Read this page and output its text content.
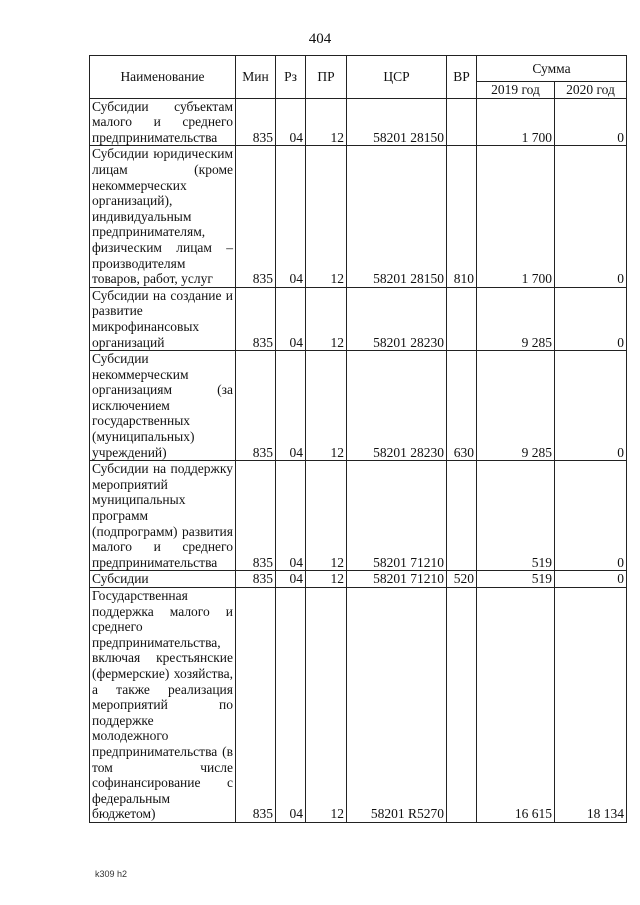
404
Наименование	Мин	Рз	ПР	ЦСР	ВР	Сумма	
						2019 год	2020 год
Субсидии субъектам малого и среднего предпринимательства	835	04	12	58201 28150		1 700	0
Субсидии юридическим лицам (кроме некоммерческих организаций), индивидуальным предпринимателям, физическим лицам – производителям товаров, работ, услуг	835	04	12	58201 28150	810	1 700	0
Субсидии на создание и развитие микрофинансовых организаций	835	04	12	58201 28230		9 285	0
Субсидии некоммерческим организациям (за исключением государственных (муниципальных) учреждений)	835	04	12	58201 28230	630	9 285	0
Субсидии на поддержку мероприятий муниципальных программ (подпрограмм) развития малого и среднего предпринимательства	835	04	12	58201 71210		519	0
Субсидии	835	04	12	58201 71210	520	519	0
Государственная поддержка малого и среднего предпринимательства, включая крестьянские (фермерские) хозяйства, а также реализация мероприятий по поддержке молодежного предпринимательства (в том числе софинансирование с федеральным бюджетом)	835	04	12	58201 R5270		16 615	18 134
k309 h2
